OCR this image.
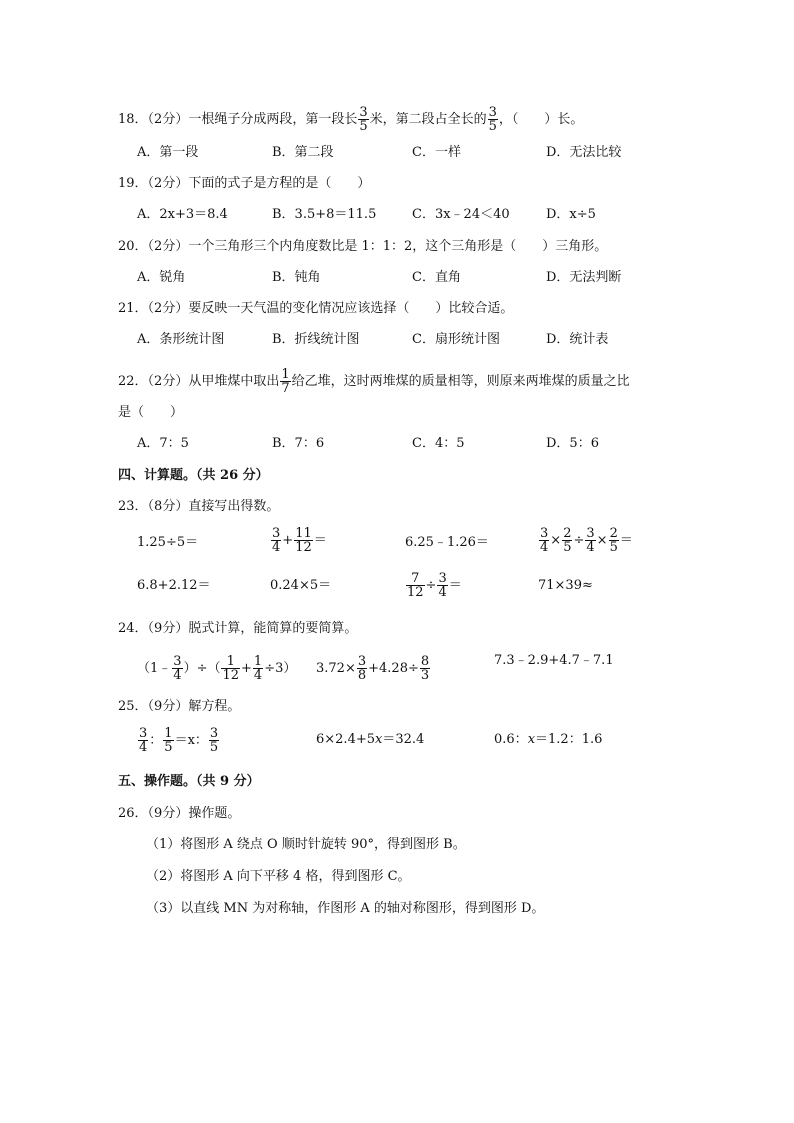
18．（2分）一根绳子分成两段，第一段长 $\frac{3}{5}$ 米，第二段占全长的 $\frac{3}{5}$ ，（　　）长。
A．第一段	B．第二段	C．一样	D．无法比较
19．（2分）下面的式子是方程的是（　　）
A．2x+3＝8.4	B．3.5+8＝11.5	C．3x﹣24＜40	D．x÷5
20．（2分）一个三角形三个内角度数比是 1：1：2，这个三角形是（　　）三角形。
A．锐角	B．钝角	C．直角	D．无法判断
21．（2分）要反映一天气温的变化情况应该选择（　　）比较合适。
A．条形统计图	B．折线统计图	C．扇形统计图	D．统计表
22．（2分）从甲堆煤中取出 $\frac{1}{7}$ 给乙堆，这时两堆煤的质量相等，则原来两堆煤的质量之比
是（　　）
A．7：5	B．7：6	C．4：5	D．5：6
四、计算题。（共 26 分）
23．（8分）直接写出得数。
1.25÷5＝	$\frac{3}{4} + \frac{11}{12}$ ＝	6.25﹣1.26＝	$\frac{3}{4} \times \frac{2}{5} \div \frac{3}{4} \times \frac{2}{5}$ ＝
6.8+2.12＝	0.24×5＝	$\frac{7}{12} \div \frac{3}{4}$ ＝	71×39≈
24．（9分）脱式计算，能简算的要简算。
（1﹣ $\frac{3}{4}$ ）÷（ $\frac{1}{12} + \frac{1}{4} \div 3$） $3.72\times \frac{3}{8} +4.28\div \frac{8}{3}$	7.3﹣2.9+4.7﹣7.1
25．（9分）解方程。
$\frac{3}{4}$ ： $\frac{1}{5} =x$： $\frac{3}{5}$	6×2.4+5x＝32.4	0.6：x＝1.2：1.6
五、操作题。（共 9 分）
26．（9分）操作题。
（1）将图形 A 绕点 O 顺时针旋转 90°，得到图形 B。
（2）将图形 A 向下平移 4 格，得到图形 C。
（3）以直线 MN 为对称轴，作图形 A 的轴对称图形，得到图形 D。
